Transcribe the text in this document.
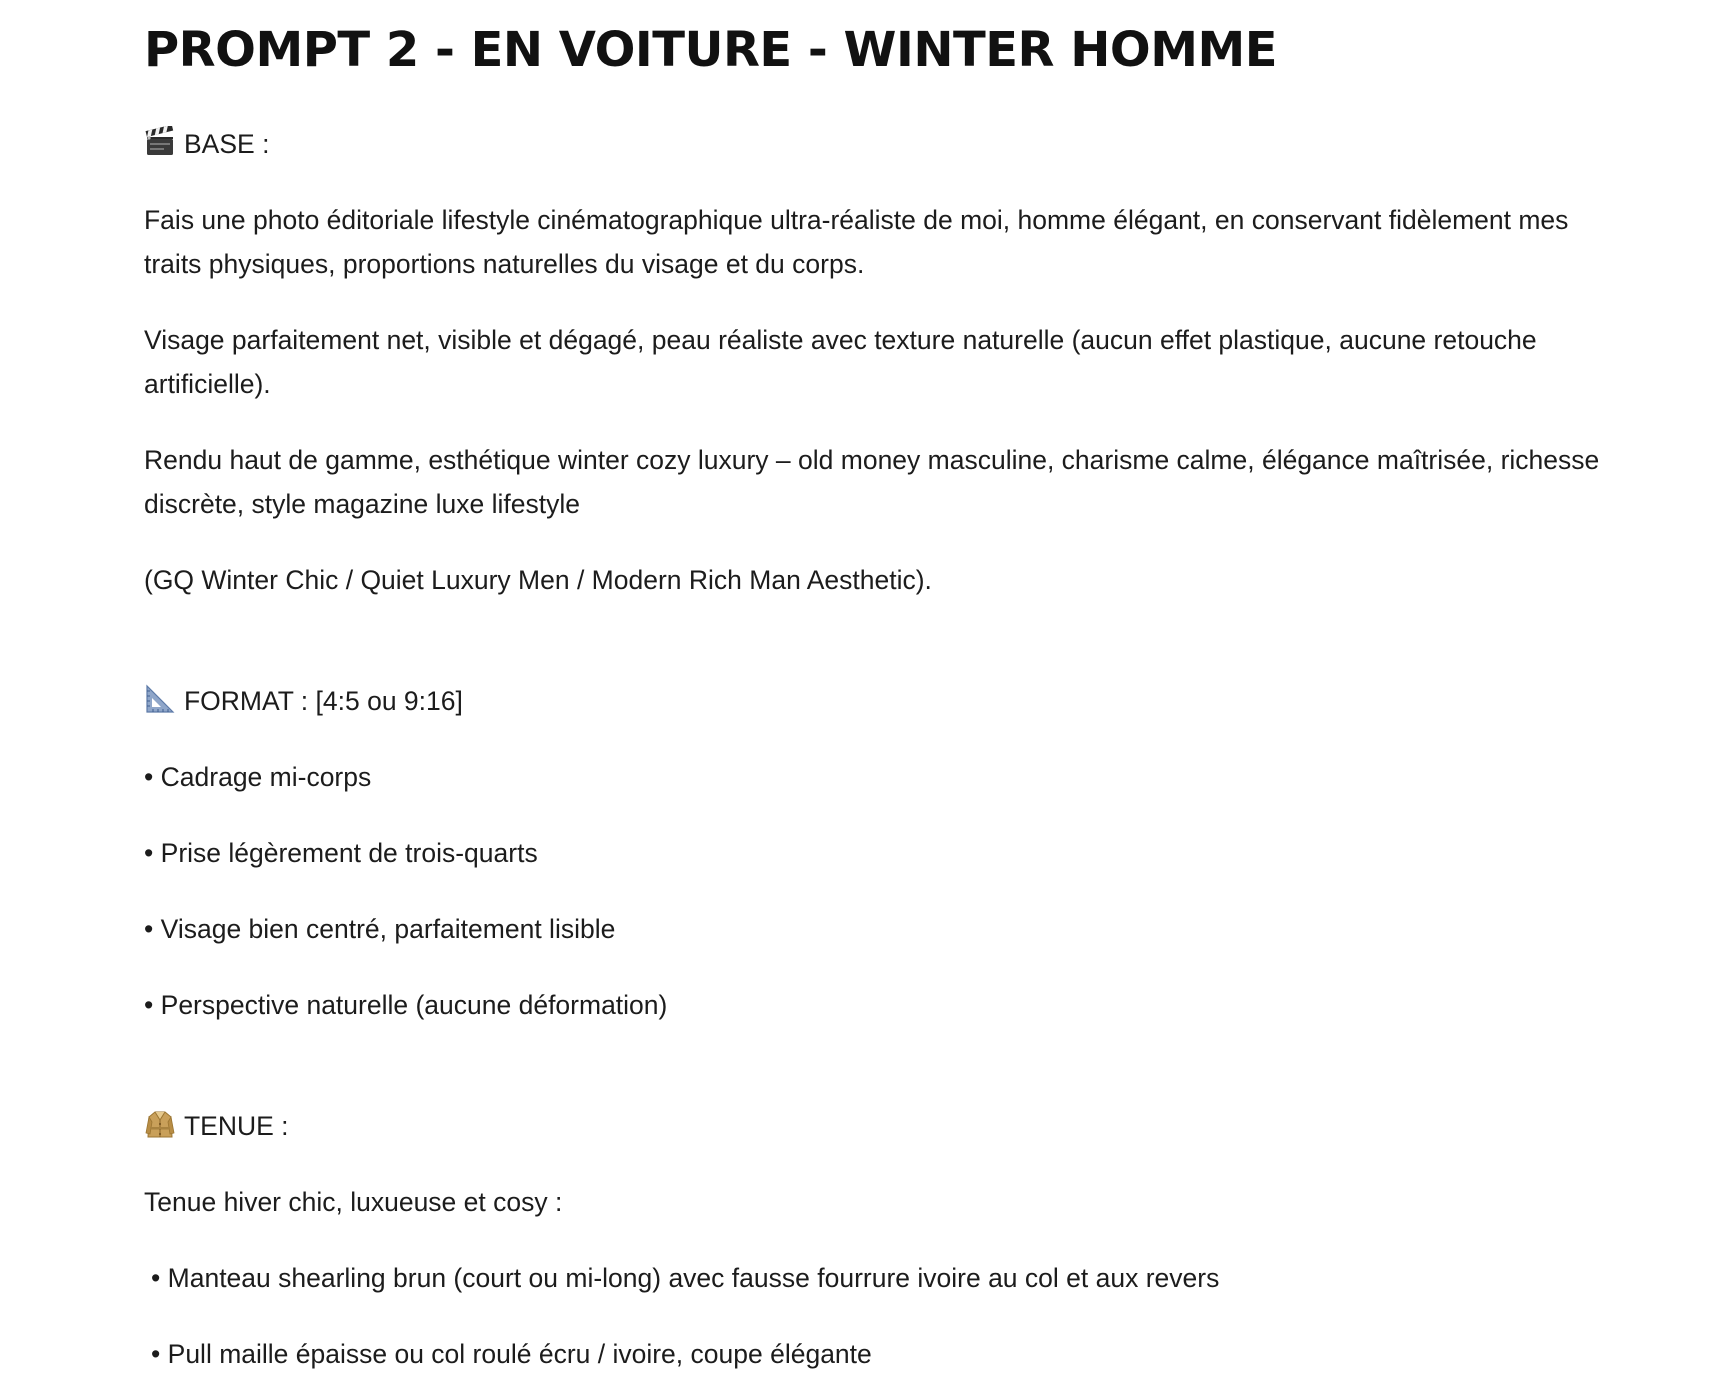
PROMPT 2 - EN VOITURE - WINTER HOMME
BASE :

Fais une photo éditoriale lifestyle cinématographique ultra-réaliste de moi, homme élégant, en conservant fidèlement mes traits physiques, proportions naturelles du visage et du corps.

Visage parfaitement net, visible et dégagé, peau réaliste avec texture naturelle (aucun effet plastique, aucune retouche artificielle).

Rendu haut de gamme, esthétique winter cozy luxury – old money masculine, charisme calme, élégance maîtrisée, richesse discrète, style magazine luxe lifestyle

(GQ Winter Chic / Quiet Luxury Men / Modern Rich Man Aesthetic).

FORMAT : [4:5 ou 9:16]

• Cadrage mi-corps

• Prise légèrement de trois-quarts

• Visage bien centré, parfaitement lisible

• Perspective naturelle (aucune déformation)

TENUE :

Tenue hiver chic, luxueuse et cosy :

• Manteau shearling brun (court ou mi-long) avec fausse fourrure ivoire au col et aux revers

• Pull maille épaisse ou col roulé écru / ivoire, coupe élégante
